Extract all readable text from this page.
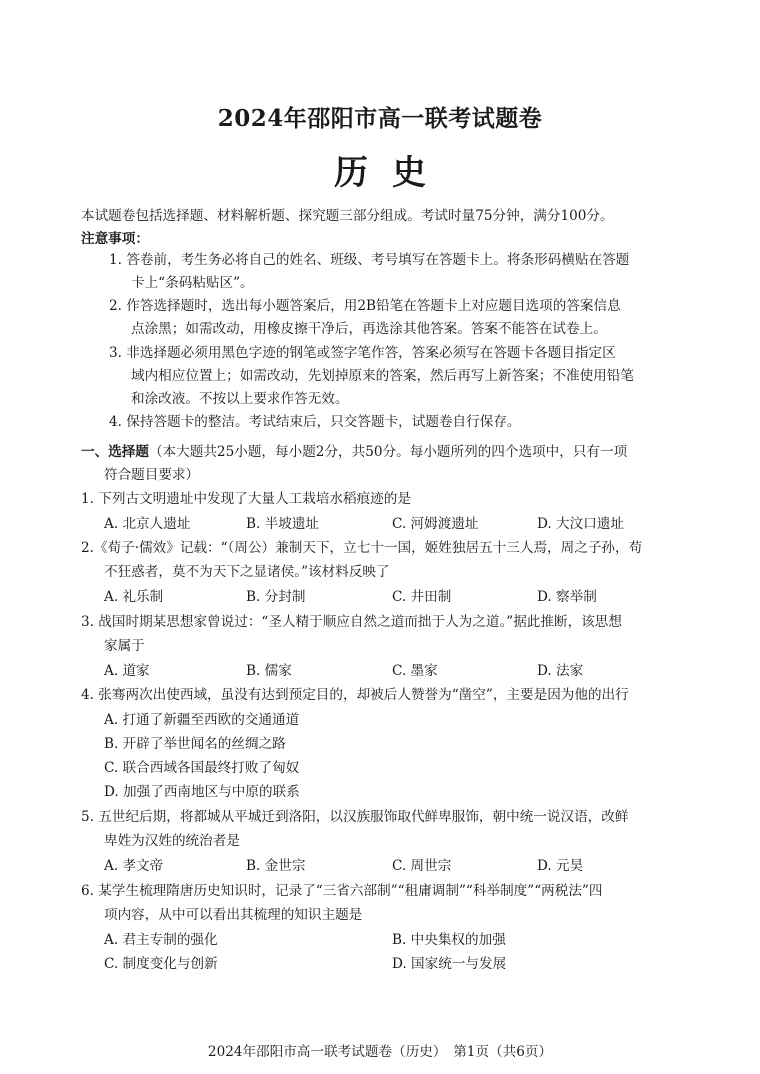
2024年邵阳市高一联考试题卷
历史
本试题卷包括选择题、材料解析题、探究题三部分组成。考试时量75分钟，满分100分。
注意事项：
1. 答卷前，考生务必将自己的姓名、班级、考号填写在答题卡上。将条形码横贴在答题
卡上“条码粘贴区”。
2. 作答选择题时，选出每小题答案后，用2B铅笔在答题卡上对应题目选项的答案信息
点涂黑；如需改动，用橡皮擦干净后，再选涂其他答案。答案不能答在试卷上。
3. 非选择题必须用黑色字迹的钢笔或签字笔作答，答案必须写在答题卡各题目指定区
域内相应位置上；如需改动，先划掉原来的答案，然后再写上新答案；不准使用铅笔
和涂改液。不按以上要求作答无效。
4. 保持答题卡的整洁。考试结束后，只交答题卡，试题卷自行保存。
一、选择题（本大题共25小题，每小题2分，共50分。每小题所列的四个选项中，只有一项
符合题目要求）
1. 下列古文明遗址中发现了大量人工栽培水稻痕迹的是
A. 北京人遗址	B. 半坡遗址	C. 河姆渡遗址	D. 大汶口遗址
2.《荀子·儒效》记载：“（周公）兼制天下，立七十一国，姬姓独居五十三人焉，周之子孙，苟
不狂惑者，莫不为天下之显诸侯。”该材料反映了
A. 礼乐制	B. 分封制	C. 井田制	D. 察举制
3. 战国时期某思想家曾说过：“圣人精于顺应自然之道而拙于人为之道。”据此推断，该思想
家属于
A. 道家	B. 儒家	C. 墨家	D. 法家
4. 张骞两次出使西域，虽没有达到预定目的，却被后人赞誉为“凿空”，主要是因为他的出行
A. 打通了新疆至西欧的交通通道
B. 开辟了举世闻名的丝绸之路
C. 联合西域各国最终打败了匈奴
D. 加强了西南地区与中原的联系
5. 五世纪后期，将都城从平城迁到洛阳，以汉族服饰取代鲜卑服饰，朝中统一说汉语，改鲜
卑姓为汉姓的统治者是
A. 孝文帝	B. 金世宗	C. 周世宗	D. 元昊
6. 某学生梳理隋唐历史知识时，记录了“三省六部制”“租庸调制”“科举制度”“两税法”四
项内容，从中可以看出其梳理的知识主题是
A. 君主专制的强化	B. 中央集权的加强
C. 制度变化与创新	D. 国家统一与发展
2024年邵阳市高一联考试题卷（历史）　第1页（共6页）
